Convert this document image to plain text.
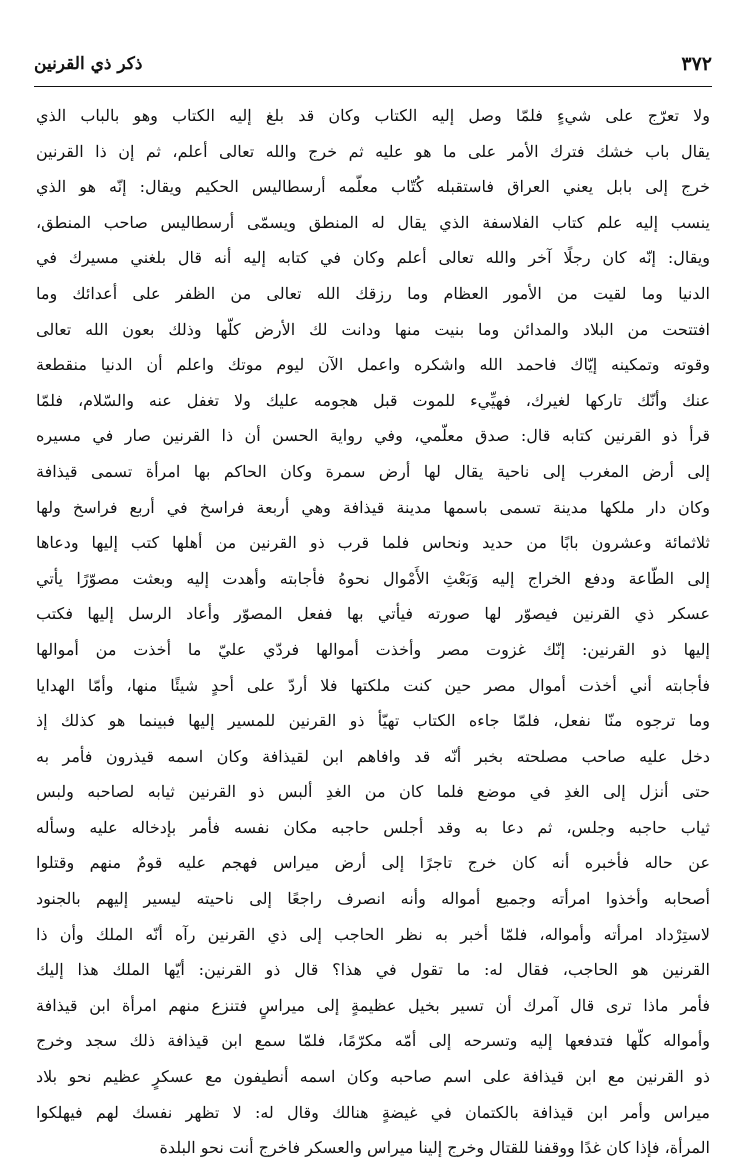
٣٧٢
ذكر ذي القرنين
ولا تعرّج على شيءٍ فلمّا وصل إليه الكتاب وكان قد بلغ إليه الكتاب وهو بالباب الذي
يقال باب خشك فترك الأمر على ما هو عليه ثم خرج والله تعالى أعلم، ثم إن ذا القرنين
خرج إلى بابل يعني العراق فاستقبله كُتّاب معلّمه أرسطاليس الحكيم ويقال: إنّه هو الذي
ينسب إليه علم كتاب الفلاسفة الذي يقال له المنطق ويسمّى أرسطاليس صاحب المنطق،
ويقال: إنّه كان رجلًا آخر والله تعالى أعلم وكان في كتابه إليه أنه قال بلغني مسيرك في
الدنيا وما لقيت من الأمور العظام وما رزقك الله تعالى من الظفر على أعدائك وما
افتتحت من البلاد والمدائن وما بنيت منها ودانت لك الأرض كلّها وذلك بعون الله تعالى
وقوته وتمكينه إيّاك فاحمد الله واشكره واعمل الآن ليوم موتك واعلم أن الدنيا منقطعة
عنك وأنّك تاركها لغيرك، فهيِّيء للموت قبل هجومه عليك ولا تغفل عنه والسّلام، فلمّا
قرأ ذو القرنين كتابه قال: صدق معلّمي، وفي رواية الحسن أن ذا القرنين صار في مسيره
إلى أرض المغرب إلى ناحية يقال لها أرض سمرة وكان الحاكم بها امرأة تسمى قيذافة
وكان دار ملكها مدينة تسمى باسمها مدينة قيذافة وهي أربعة فراسخ في أربع فراسخ ولها
ثلاثمائة وعشرون بابًا من حديد ونحاس فلما قرب ذو القرنين من أهلها كتب إليها ودعاها
إلى الطّاعة ودفع الخراج إليه وَبَعْثِ الأَمْوال نحوهُ فأجابته وأهدت إليه وبعثت مصوّرًا يأتي
عسكر ذي القرنين فيصوّر لها صورته فيأتي بها ففعل المصوّر وأعاد الرسل إليها فكتب
إليها ذو القرنين: إنّك غزوت مصر وأخذت أموالها فردّي عليّ ما أخذت من أموالها
فأجابته أني أخذت أموال مصر حين كنت ملكتها فلا أردّ على أحدٍ شيئًا منها، وأمّا الهدايا
وما ترجوه منّا نفعل، فلمّا جاءه الكتاب تهيّأ ذو القرنين للمسير إليها فبينما هو كذلك إذ
دخل عليه صاحب مصلحته بخبر أنّه قد وافاهم ابن لقيذافة وكان اسمه قيذرون فأمر به
حتى أنزل إلى الغدِ في موضع فلما كان من الغدِ ألبس ذو القرنين ثيابه لصاحبه ولبس
ثياب حاجبه وجلس، ثم دعا به وقد أجلس حاجبه مكان نفسه فأمر بإدخاله عليه وسأله
عن حاله فأخبره أنه كان خرج تاجرًا إلى أرض ميراس فهجم عليه قومٌ منهم وقتلوا
أصحابه وأخذوا امرأته وجميع أمواله وأنه انصرف راجعًا إلى ناحيته ليسير إليهم بالجنود
لاستِرْداد امرأته وأمواله، فلمّا أخبر به نظر الحاجب إلى ذي القرنين رآه أنّه الملك وأن ذا
القرنين هو الحاجب، فقال له: ما تقول في هذا؟ قال ذو القرنين: أيّها الملك هذا إليك
فأمر ماذا ترى قال آمرك أن تسير بخيل عظيمةٍ إلى ميراسٍ فتنزع منهم امرأة ابن قيذافة
وأمواله كلّها فتدفعها إليه وتسرحه إلى أمّه مكرّمًا، فلمّا سمع ابن قيذافة ذلك سجد وخرج
ذو القرنين مع ابن قيذافة على اسم صاحبه وكان اسمه أنطيفون مع عسكرٍ عظيم نحو بلاد
ميراس وأمر ابن قيذافة بالكتمان في غيضةٍ هنالك وقال له: لا تظهر نفسك لهم فيهلكوا
المرأة، فإذا كان غدًا ووقفنا للقتال وخرج إلينا ميراس والعسكر فاخرج أنت نحو البلدة
